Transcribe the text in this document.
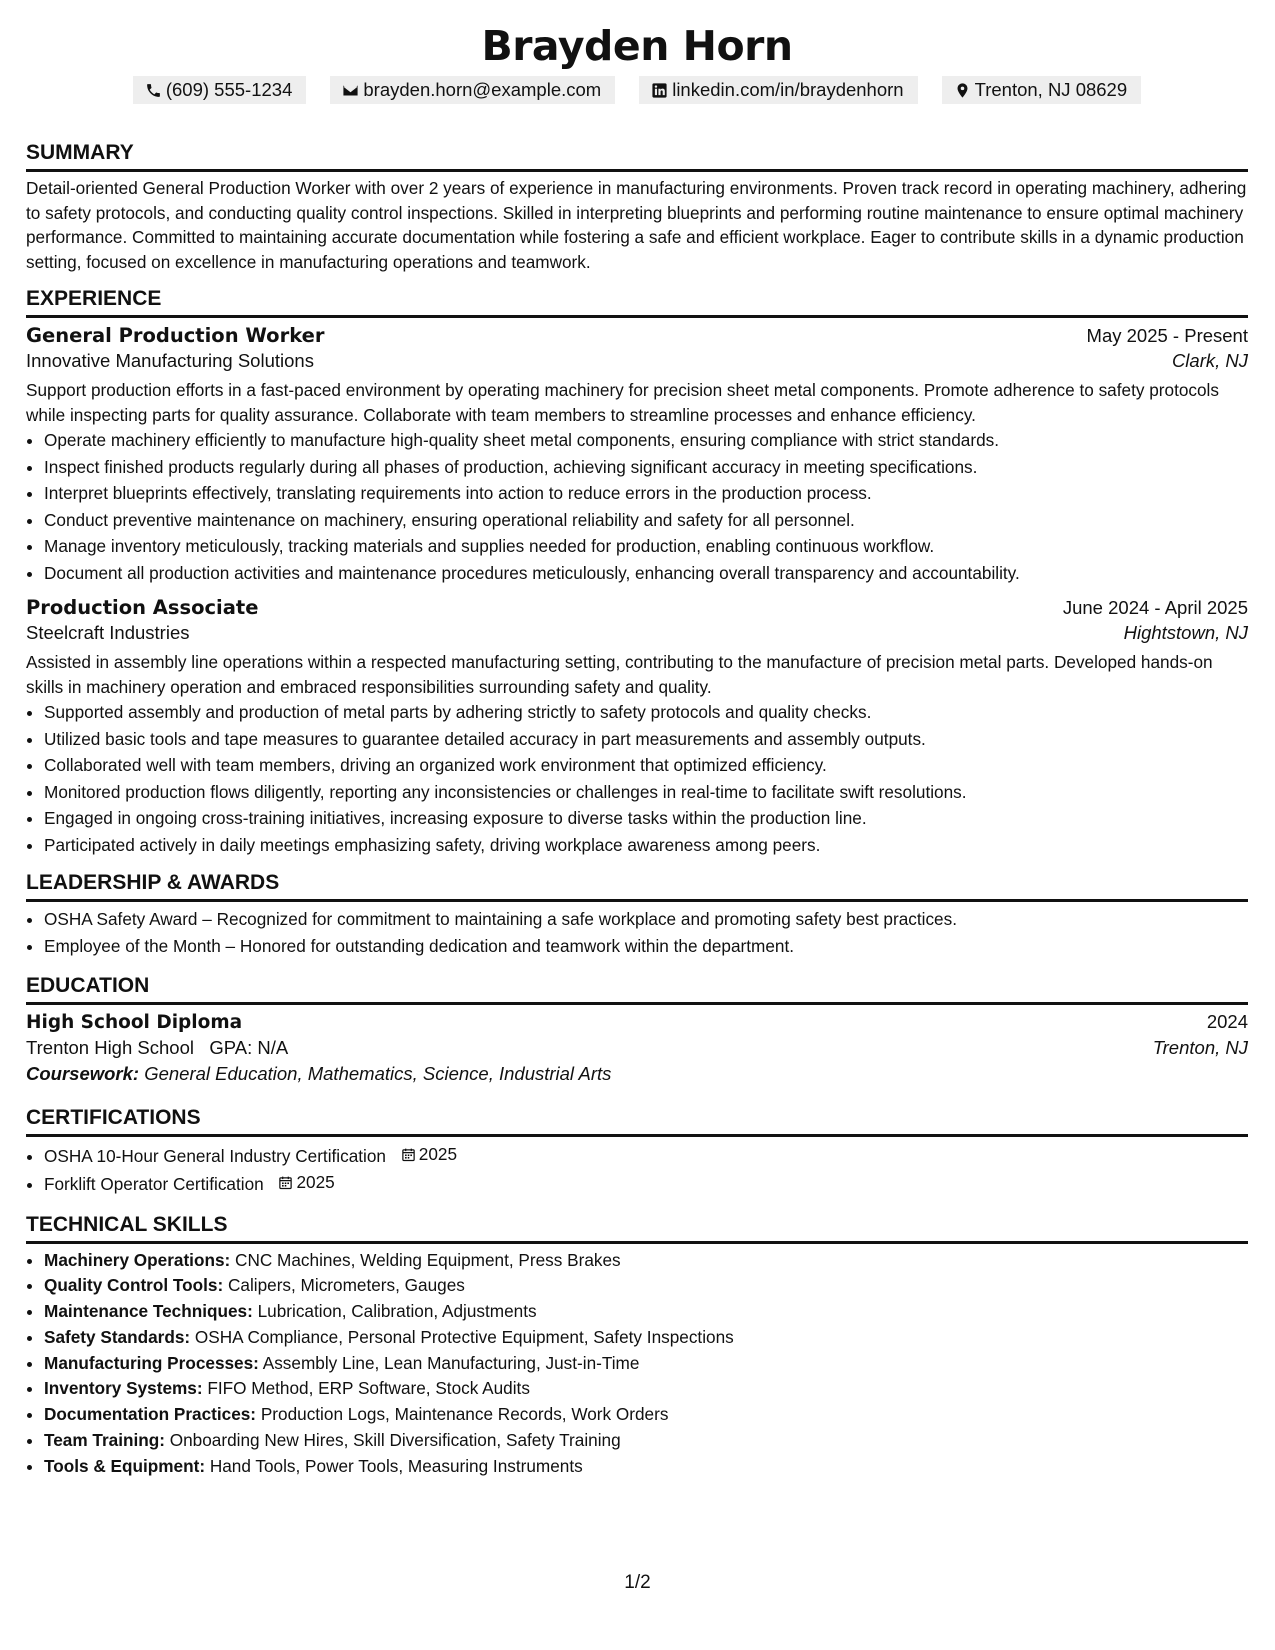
Brayden Horn
(609) 555-1234	brayden.horn@example.com	linkedin.com/in/braydenhorn	Trenton, NJ 08629
SUMMARY

Detail-oriented General Production Worker with over 2 years of experience in manufacturing environments. Proven track record in operating machinery, adhering to safety protocols, and conducting quality control inspections. Skilled in interpreting blueprints and performing routine maintenance to ensure optimal machinery performance. Committed to maintaining accurate documentation while fostering a safe and efficient workplace. Eager to contribute skills in a dynamic production setting, focused on excellence in manufacturing operations and teamwork.

EXPERIENCE
General Production Worker	May 2025 - Present
Innovative Manufacturing Solutions	Clark, NJ

Support production efforts in a fast-paced environment by operating machinery for precision sheet metal components. Promote adherence to safety protocols while inspecting parts for quality assurance. Collaborate with team members to streamline processes and enhance efficiency.

• Operate machinery efficiently to manufacture high-quality sheet metal components, ensuring compliance with strict standards.
• Inspect finished products regularly during all phases of production, achieving significant accuracy in meeting specifications.
• Interpret blueprints effectively, translating requirements into action to reduce errors in the production process.
• Conduct preventive maintenance on machinery, ensuring operational reliability and safety for all personnel.
• Manage inventory meticulously, tracking materials and supplies needed for production, enabling continuous workflow.
• Document all production activities and maintenance procedures meticulously, enhancing overall transparency and accountability.
Production Associate	June 2024 - April 2025
Steelcraft Industries	Hightstown, NJ

Assisted in assembly line operations within a respected manufacturing setting, contributing to the manufacture of precision metal parts. Developed hands-on skills in machinery operation and embraced responsibilities surrounding safety and quality.

• Supported assembly and production of metal parts by adhering strictly to safety protocols and quality checks.
• Utilized basic tools and tape measures to guarantee detailed accuracy in part measurements and assembly outputs.
• Collaborated well with team members, driving an organized work environment that optimized efficiency.
• Monitored production flows diligently, reporting any inconsistencies or challenges in real-time to facilitate swift resolutions.
• Engaged in ongoing cross-training initiatives, increasing exposure to diverse tasks within the production line.
• Participated actively in daily meetings emphasizing safety, driving workplace awareness among peers.
LEADERSHIP & AWARDS
• OSHA Safety Award – Recognized for commitment to maintaining a safe workplace and promoting safety best practices.
• Employee of the Month – Honored for outstanding dedication and teamwork within the department.
EDUCATION
High School Diploma	2024
Trenton High School GPA: N/A	Trenton, NJ
Coursework: General Education, Mathematics, Science, Industrial Arts
CERTIFICATIONS
• OSHA 10-Hour General Industry Certification 2025
• Forklift Operator Certification 2025
TECHNICAL SKILLS
• Machinery Operations: CNC Machines, Welding Equipment, Press Brakes
• Quality Control Tools: Calipers, Micrometers, Gauges
• Maintenance Techniques: Lubrication, Calibration, Adjustments
• Safety Standards: OSHA Compliance, Personal Protective Equipment, Safety Inspections
• Manufacturing Processes: Assembly Line, Lean Manufacturing, Just-in-Time
• Inventory Systems: FIFO Method, ERP Software, Stock Audits
• Documentation Practices: Production Logs, Maintenance Records, Work Orders
• Team Training: Onboarding New Hires, Skill Diversification, Safety Training
• Tools & Equipment: Hand Tools, Power Tools, Measuring Instruments
1/2
